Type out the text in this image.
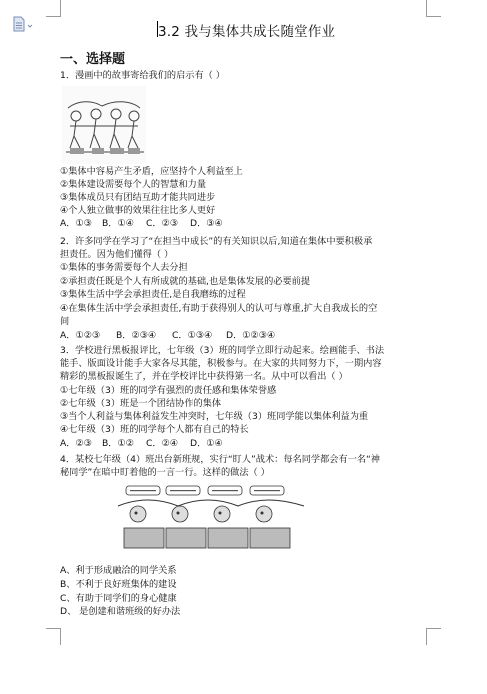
3.2 我与集体共成长随堂作业
一、选择题
1．漫画中的故事寄给我们的启示有（ ）
①集体中容易产生矛盾，应坚持个人利益至上
②集体建设需要每个人的智慧和力量
③集体成员只有团结互助才能共同进步
④个人独立做事的效果往往比多人更好
A．①③ B．①④ C．②③ D．③④
2．许多同学在学习了“在担当中成长”的有关知识以后,知道在集体中要积极承
担责任。因为他们懂得（ ）
①集体的事务需要每个人去分担
②承担责任既是个人有所成就的基础,也是集体发展的必要前提
③集体生活中学会承担责任,是自我磨练的过程
④在集体生活中学会承担责任,有助于获得别人的认可与尊重,扩大自我成长的空
间
A．①②③ B．②③④ C．①③④ D．①②③④
3．学校进行黑板报评比，七年级（3）班的同学立即行动起来。绘画能手、书法
能手、版面设计能手大家各尽其能，积极参与。在大家的共同努力下，一期内容
精彩的黑板报诞生了，并在学校评比中获得第一名。从中可以看出（ ）
①七年级（3）班的同学有强烈的责任感和集体荣誉感
②七年级（3）班是一个团结协作的集体
③当个人利益与集体利益发生冲突时，七年级（3）班同学能以集体利益为重
④七年级（3）班的同学每个人都有自己的特长
A．②③ B．①② C．②④ D．①④
4．某校七年级（4）班出台新班规，实行“盯人”战术：每名同学都会有一名“神
秘同学”在暗中盯着他的一言一行。这样的做法（ ）
A、利于形成融洽的同学关系
B、不利于良好班集体的建设
C、有助于同学们的身心健康
D、 是创建和谐班级的好办法
